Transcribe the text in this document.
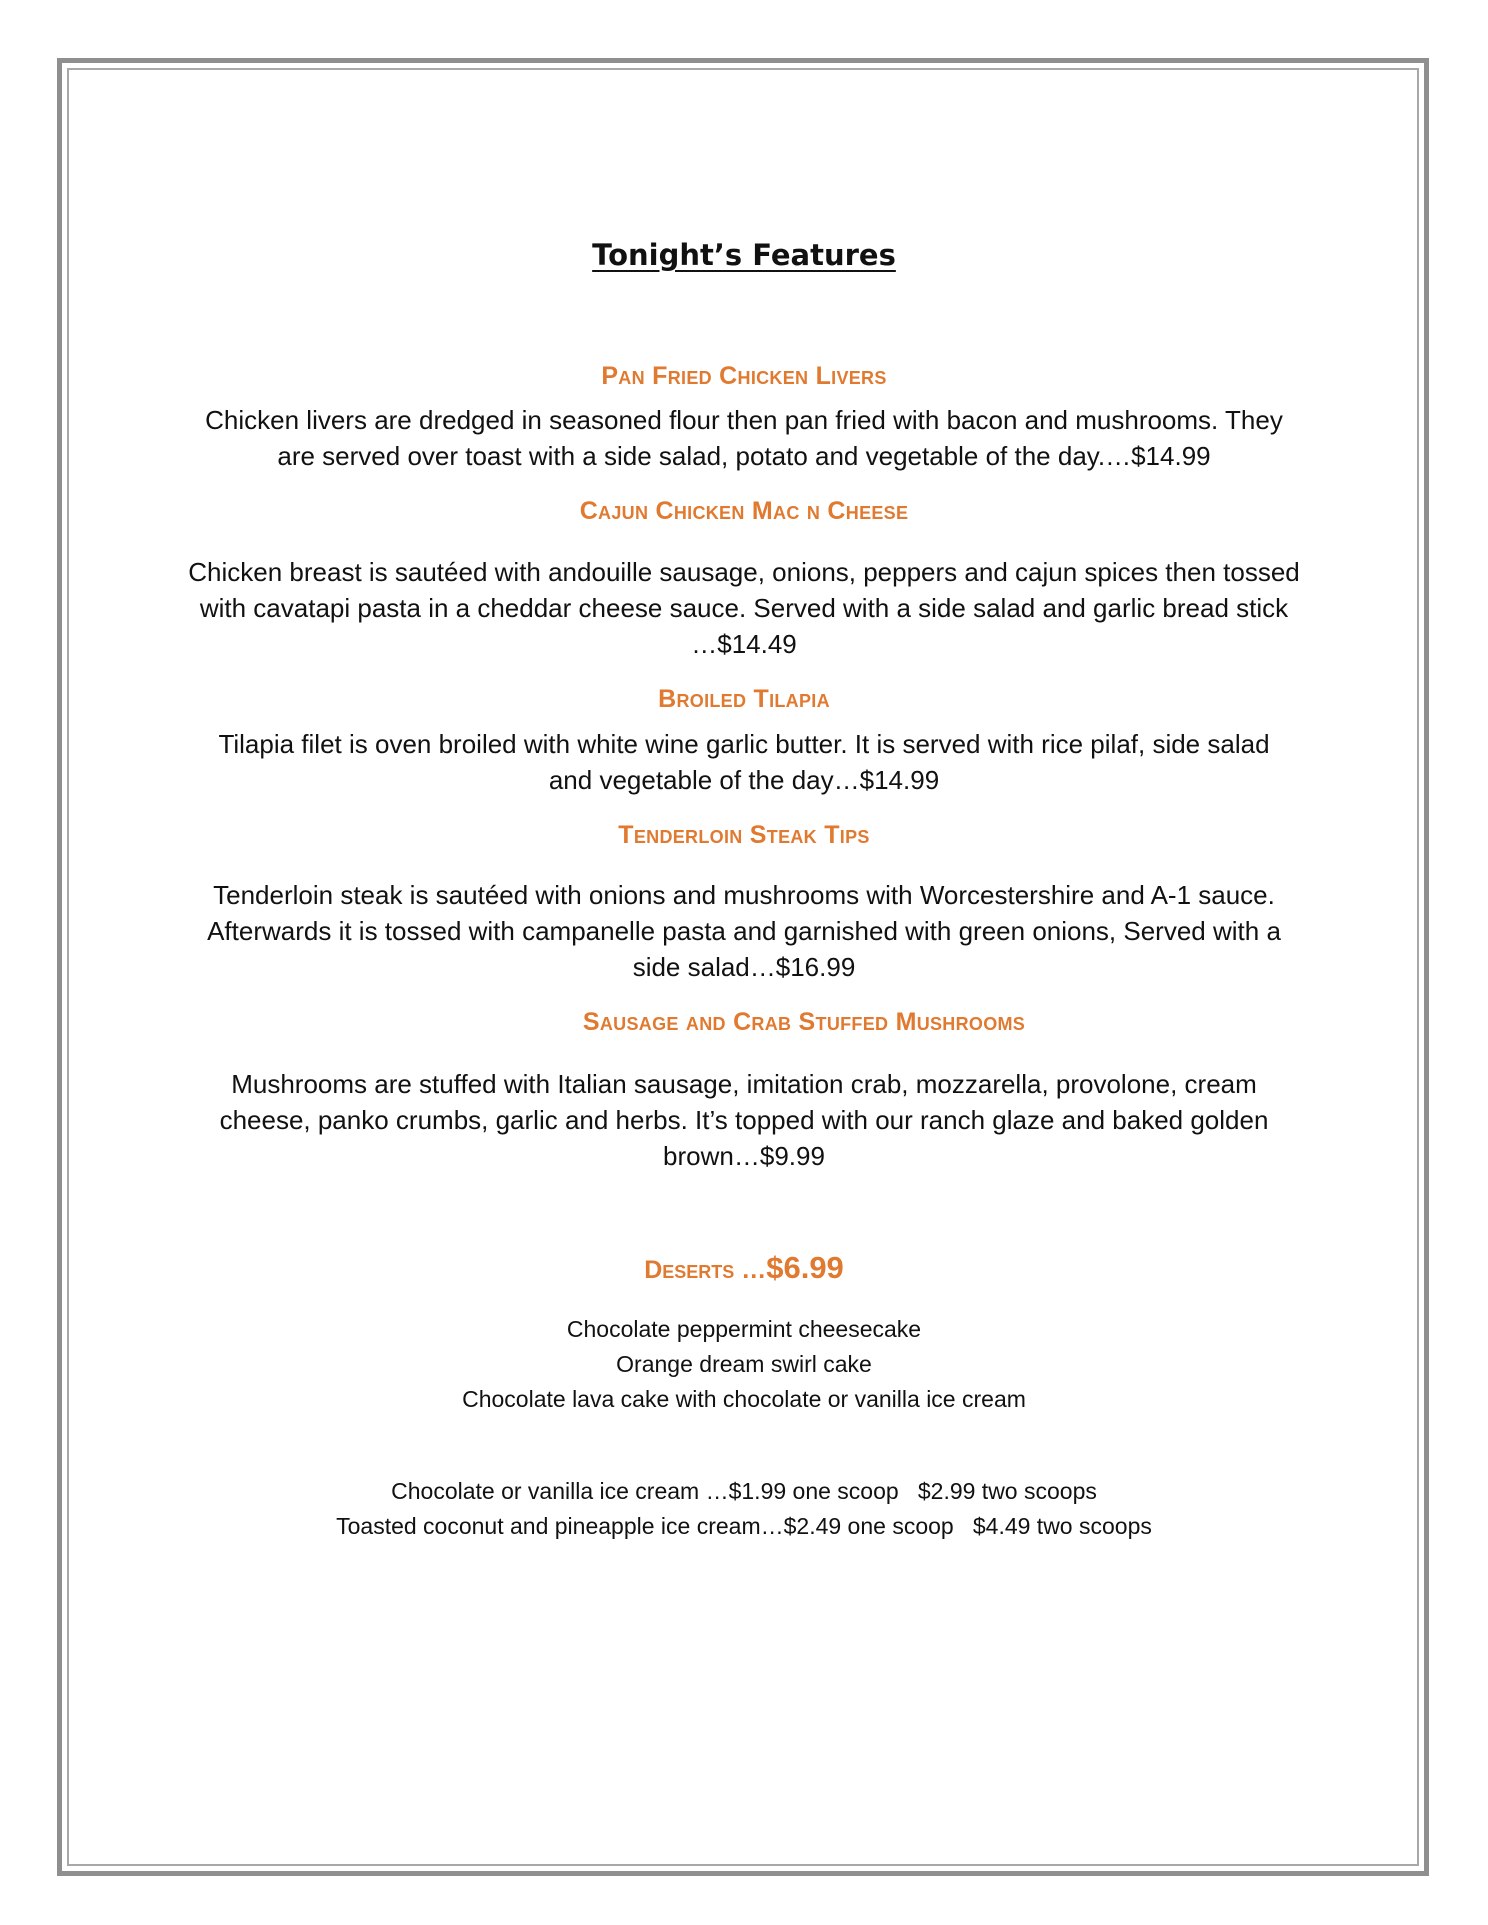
Tonight’s Features
Pan Fried Chicken Livers
Chicken livers are dredged in seasoned flour then pan fried with bacon and mushrooms. They
are served over toast with a side salad, potato and vegetable of the day.…$14.99
Cajun Chicken Mac n Cheese
Chicken breast is sautéed with andouille sausage, onions, peppers and cajun spices then tossed
with cavatapi pasta in a cheddar cheese sauce. Served with a side salad and garlic bread stick
…$14.49
Broiled Tilapia
Tilapia filet is oven broiled with white wine garlic butter. It is served with rice pilaf, side salad
and vegetable of the day…$14.99
Tenderloin Steak Tips
Tenderloin steak is sautéed with onions and mushrooms with Worcestershire and A-1 sauce.
Afterwards it is tossed with campanelle pasta and garnished with green onions, Served with a
side salad…$16.99
Sausage and Crab Stuffed Mushrooms
Mushrooms are stuffed with Italian sausage, imitation crab, mozzarella, provolone, cream
cheese, panko crumbs, garlic and herbs. It’s topped with our ranch glaze and baked golden
brown…$9.99
Deserts …$6.99
Chocolate peppermint cheesecake
Orange dream swirl cake
Chocolate lava cake with chocolate or vanilla ice cream
Chocolate or vanilla ice cream …$1.99 one scoop   $2.99 two scoops
Toasted coconut and pineapple ice cream…$2.49 one scoop   $4.49 two scoops
